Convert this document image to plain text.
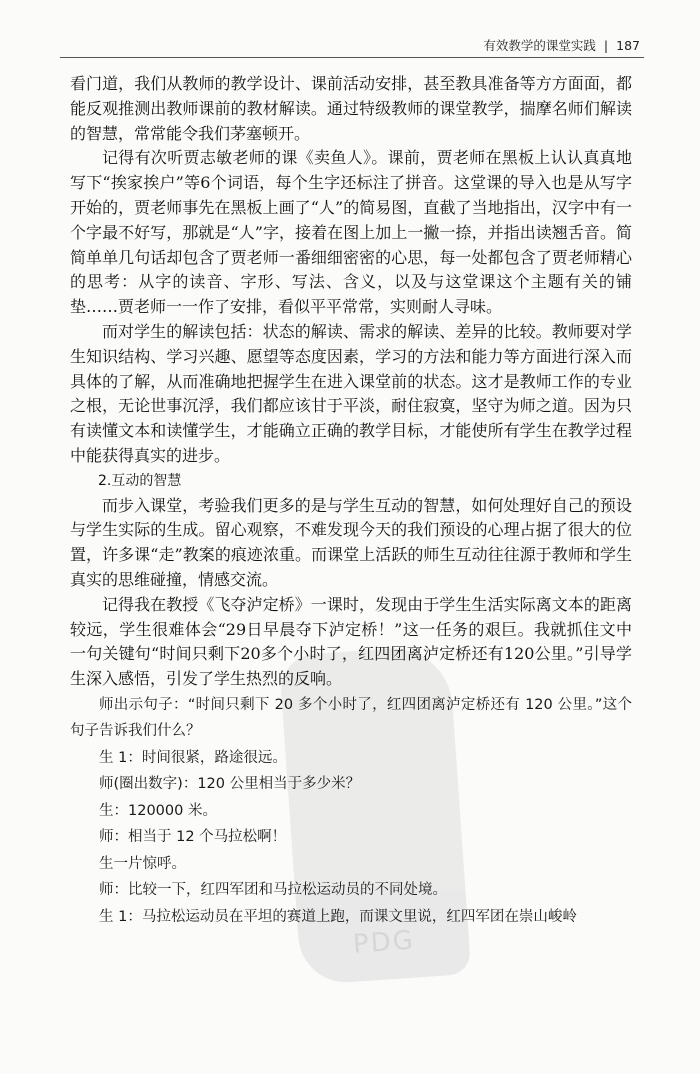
PDG
有效教学的课堂实践 | 187

看门道，我们从教师的教学设计、课前活动安排，甚至教具准备等方方面面，都能反观推测出教师课前的教材解读。通过特级教师的课堂教学，揣摩名师们解读的智慧，常常能令我们茅塞顿开。

记得有次听贾志敏老师的课《卖鱼人》。课前，贾老师在黑板上认认真真地写下“挨家挨户”等6个词语，每个生字还标注了拼音。这堂课的导入也是从写字开始的，贾老师事先在黑板上画了“人”的简易图，直截了当地指出，汉字中有一个字最不好写，那就是“人”字，接着在图上加上一撇一捺，并指出读翘舌音。简简单单几句话却包含了贾老师一番细细密密的心思，每一处都包含了贾老师精心的思考：从字的读音、字形、写法、含义，以及与这堂课这个主题有关的铺垫……贾老师一一作了安排，看似平平常常，实则耐人寻味。

而对学生的解读包括：状态的解读、需求的解读、差异的比较。教师要对学生知识结构、学习兴趣、愿望等态度因素，学习的方法和能力等方面进行深入而具体的了解，从而准确地把握学生在进入课堂前的状态。这才是教师工作的专业之根，无论世事沉浮，我们都应该甘于平淡，耐住寂寞，坚守为师之道。因为只有读懂文本和读懂学生，才能确立正确的教学目标，才能使所有学生在教学过程中能获得真实的进步。

2.互动的智慧

而步入课堂，考验我们更多的是与学生互动的智慧，如何处理好自己的预设与学生实际的生成。留心观察，不难发现今天的我们预设的心理占据了很大的位置，许多课“走”教案的痕迹浓重。而课堂上活跃的师生互动往往源于教师和学生真实的思维碰撞，情感交流。

记得我在教授《飞夺泸定桥》一课时，发现由于学生生活实际离文本的距离较远，学生很难体会“29日早晨夺下泸定桥！”这一任务的艰巨。我就抓住文中一句关键句“时间只剩下20多个小时了，红四团离泸定桥还有120公里。”引导学生深入感悟，引发了学生热烈的反响。

师出示句子：“时间只剩下 20 多个小时了，红四团离泸定桥还有 120 公里。”这个句子告诉我们什么？

生 1：时间很紧，路途很远。

师(圈出数字)：120 公里相当于多少米？

生：120000 米。

师：相当于 12 个马拉松啊！

生一片惊呼。

师：比较一下，红四军团和马拉松运动员的不同处境。

生 1：马拉松运动员在平坦的赛道上跑，而课文里说，红四军团在崇山峻岭
